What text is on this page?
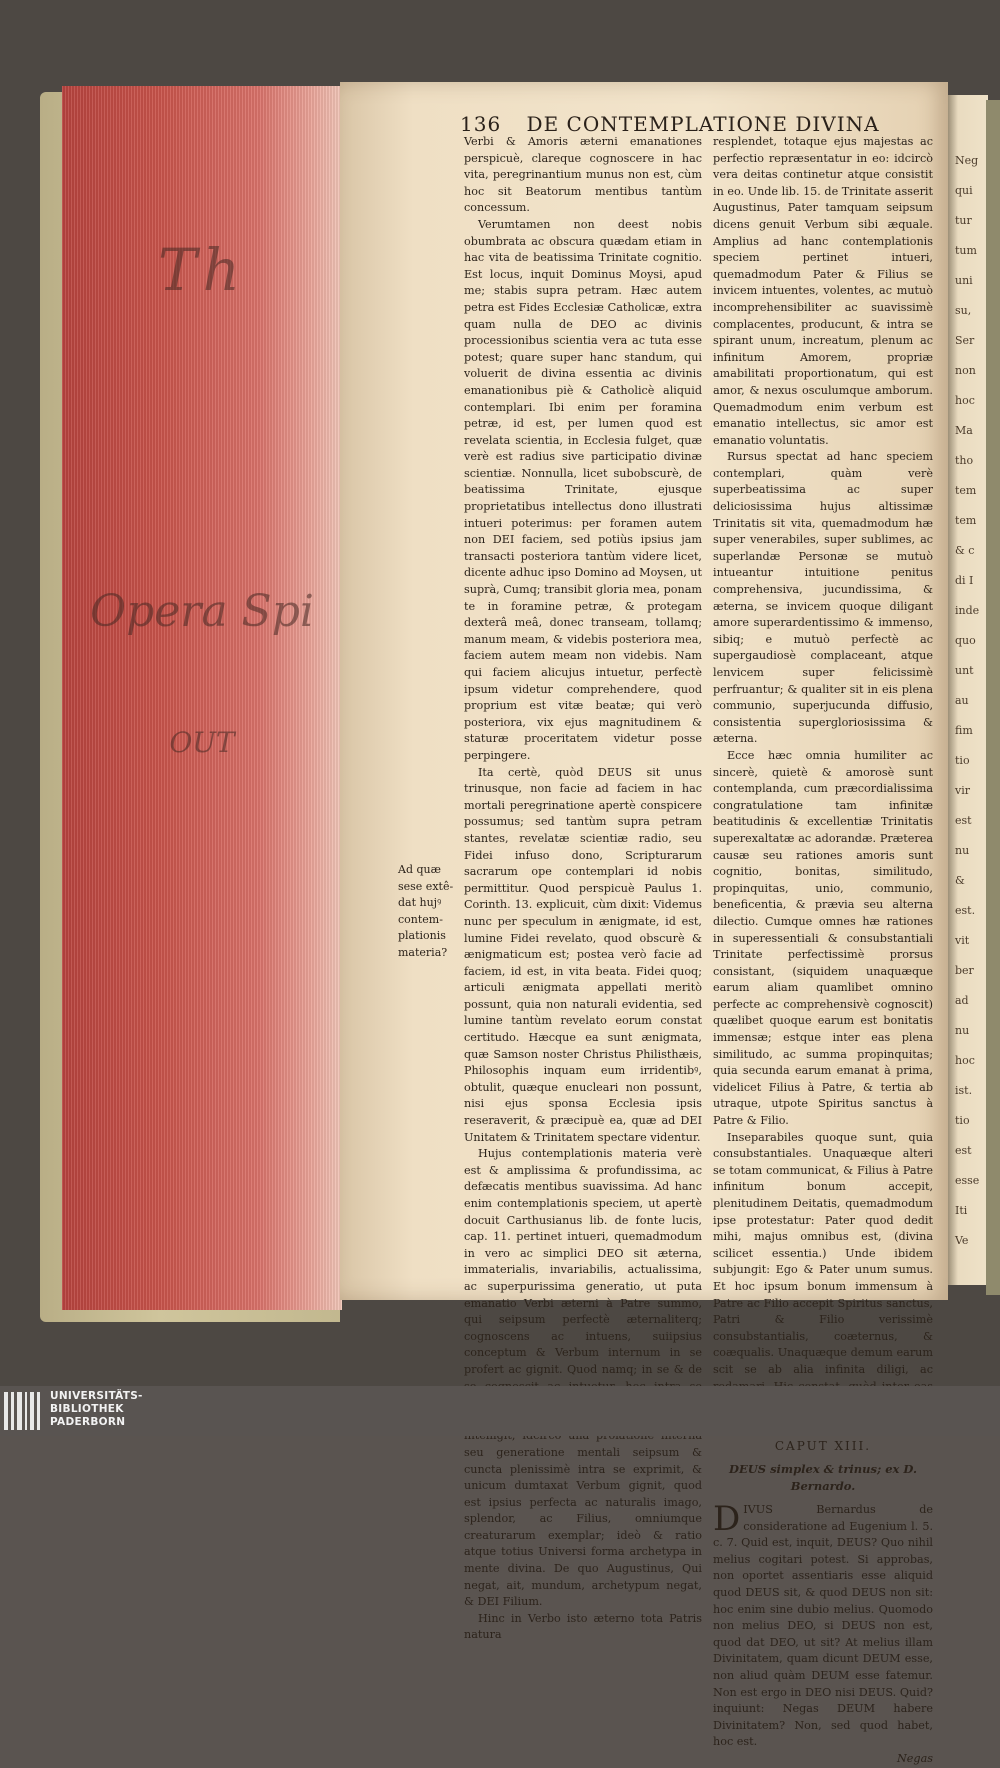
Th
Opera Spi
OUT
136 DE CONTEMPLATIONE DIVINA
Ad quæ sese extê-dat hujꝰ contem-plationis materia?

Verbi & Amoris æterni emanationes perspicuè, clareque cognoscere in hac vita, peregrinantium munus non est, cùm hoc sit Beatorum mentibus tantùm concessum.

Verumtamen non deest nobis obumbrata ac obscura quædam etiam in hac vita de beatissima Trinitate cognitio. Est locus, inquit Dominus Moysi, apud me; stabis supra petram. Hæc autem petra est Fides Ecclesiæ Catholicæ, extra quam nulla de DEO ac divinis processionibus scientia vera ac tuta esse potest; quare super hanc standum, qui voluerit de divina essentia ac divinis emanationibus piè & Catholicè aliquid contemplari. Ibi enim per foramina petræ, id est, per lumen quod est revelata scientia, in Ecclesia fulget, quæ verè est radius sive participatio divinæ scientiæ. Nonnulla, licet subobscurè, de beatissima Trinitate, ejusque proprietatibus intellectus dono illustrati intueri poterimus: per foramen autem non DEI faciem, sed potiùs ipsius jam transacti posteriora tantùm videre licet, dicente adhuc ipso Domino ad Moysen, ut suprà, Cumq; transibit gloria mea, ponam te in foramine petræ, & protegam dexterâ meâ, donec transeam, tollamq; manum meam, & videbis posteriora mea, faciem autem meam non videbis. Nam qui faciem alicujus intuetur, perfectè ipsum videtur comprehendere, quod proprium est vitæ beatæ; qui verò posteriora, vix ejus magnitudinem & staturæ proceritatem videtur posse perpingere.

Ita certè, quòd DEUS sit unus trinusque, non facie ad faciem in hac mortali peregrinatione apertè conspicere possumus; sed tantùm supra petram stantes, revelatæ scientiæ radio, seu Fidei infuso dono, Scripturarum sacrarum ope contemplari id nobis permittitur. Quod perspicuè Paulus 1. Corinth. 13. explicuit, cùm dixit: Videmus nunc per speculum in ænigmate, id est, lumine Fidei revelato, quod obscurè & ænigmaticum est; postea verò facie ad faciem, id est, in vita beata. Fidei quoq; articuli ænigmata appellati meritò possunt, quia non naturali evidentia, sed lumine tantùm revelato eorum constat certitudo. Hæcque ea sunt ænigmata, quæ Samson noster Christus Philisthæis, Philosophis inquam eum irridentibꝰ, obtulit, quæque enucleari non possunt, nisi ejus sponsa Ecclesia ipsis reseraverit, & præcipuè ea, quæ ad DEI Unitatem & Trinitatem spectare videntur.

Hujus contemplationis materia verè est & amplissima & profundissima, ac defæcatis mentibus suavissima. Ad hanc enim contemplationis speciem, ut apertè docuit Carthusianus lib. de fonte lucis, cap. 11. pertinet intueri, quemadmodum in vero ac simplici DEO sit æterna, immaterialis, invariabilis, actualissima, ac superpurissima generatio, ut puta emanatio Verbi æterni à Patre summo, qui seipsum perfectè æternaliterq; cognoscens ac intuens, suiipsius conceptum & Verbum internum in se profert ac gignit. Quod namq; in se & de seu generatione mentali seipsum & cuncta plenissimè intra se exprimit, & unicum dumtaxat Verbum gignit, quod est ipsius perfecta ac naturalis imago, splendor, ac Filius, omniumque creaturarum exemplar; ideò & ratio atque totius Universi forma archetypa in mente divina. De quo Augustinus, Qui negat, ait, mundum, archetypum negat, & DEI Filium.

Hinc in Verbo isto æterno tota Patris natura

resplendet, totaque ejus majestas ac perfectio repræsentatur in eo: idcircò vera deitas continetur atque consistit in eo. Unde lib. 15. de Trinitate asserit Augustinus, Pater tamquam seipsum dicens genuit Verbum sibi æquale. Amplius ad hanc contemplationis speciem pertinet intueri, quemadmodum Pater & Filius se invicem intuentes, volentes, ac mutuò incomprehensibiliter ac suavissimè complacentes, producunt, & intra se spirant unum, increatum, plenum ac infinitum Amorem, propriæ amabilitati proportionatum, qui est amor, & nexus osculumque amborum. Quemadmodum enim verbum est emanatio intellectus, sic amor est emanatio voluntatis.

Rursus spectat ad hanc speciem contemplari, quàm verè superbeatissima ac super deliciosissima hujus altissimæ Trinitatis sit vita, quemadmodum hæ super venerabiles, super sublimes, ac superlandæ Personæ se mutuò intueantur intuitione penitus comprehensiva, jucundissima, & æterna, se invicem quoque diligant amore superardentissimo & immenso, sibiq; e mutuò perfectè ac supergaudiosè complaceant, atque lenvicem super felicissimè perfruantur; & qualiter sit in eis plena communio, superjucunda diffusio, consistentia supergloriosissima & æterna.

Ecce hæc omnia humiliter ac sincerè, quietè & amorosè sunt contemplanda, cum præcordialissima congratulatione tam infinitæ beatitudinis & excellentiæ Trinitatis superexaltatæ ac adorandæ. Præterea causæ seu rationes amoris sunt cognitio, bonitas, similitudo, propinquitas, unio, communio, beneficentia, & prævia seu alterna dilectio. Cumque omnes hæ rationes in superessentiali & consubstantiali Trinitate perfectissimè prorsus consistant, (siquidem unaquæque earum aliam quamlibet omnino perfecte ac comprehensivè cognoscit) quælibet quoque earum est bonitatis immensæ; estque inter eas plena similitudo, ac summa propinquitas; quia secunda earum emanat à prima, videlicet Filius à Patre, & tertia ab utraque, utpote Spiritus sanctus à Patre & Filio.

Inseparabiles quoque sunt, quia consubstantiales. Unaquæque alteri se totam communicat, & Filius à Patre infinitum bonum accepit, plenitudinem Deitatis, quemadmodum ipse protestatur: Pater quod dedit mihi, majus omnibus est, (divina scilicet essentia.) Unde ibidem subjungit: Ego & Pater unum sumus. Et hoc ipsum bonum immensum à Patre ac Filio accepit Spiritus sanctus, Patri & Filio verissimè consubstantialis, coæternus, & coæqualis. Unaquæque demum earum scit se ab alia infinita diligi, ac

CAPUT XIII.
DEUS simplex & trinus; ex D. Bernardo.

DIVUS Bernardus de consideratione ad Eugenium l. 5. c. 7. Quid est, inquit, DEUS? Quo nihil melius cogitari potest. Si approbas, non oportet assentiaris esse aliquid quod DEUS sit, & quod DEUS non sit: hoc enim sine dubio melius. Quomodo non melius DEO, si DEUS non est, quod dat DEO, ut sit? At melius illam Divinitatem, quam dicunt DEUM esse, non aliud quàm DEUM esse fatemur. Non est ergo in DEO nisi DEUS. Quid? inquiunt: Negas DEUM habere Divinitatem? Non, sed quod habet, hoc est.

Negas
Neg
qui
tur
tum
uni
su,
Ser
non
hoc
Ma
tho
tem
tem
& c
di I
inde
quo
unt
au
fim
tio
vir
est
nu
&
est.
vit
ber
ad
nu
hoc
ist.
tio
est
esse
Iti
Ve
UNIVERSITÄTS-
BIBLIOTHEK
PADERBORN
